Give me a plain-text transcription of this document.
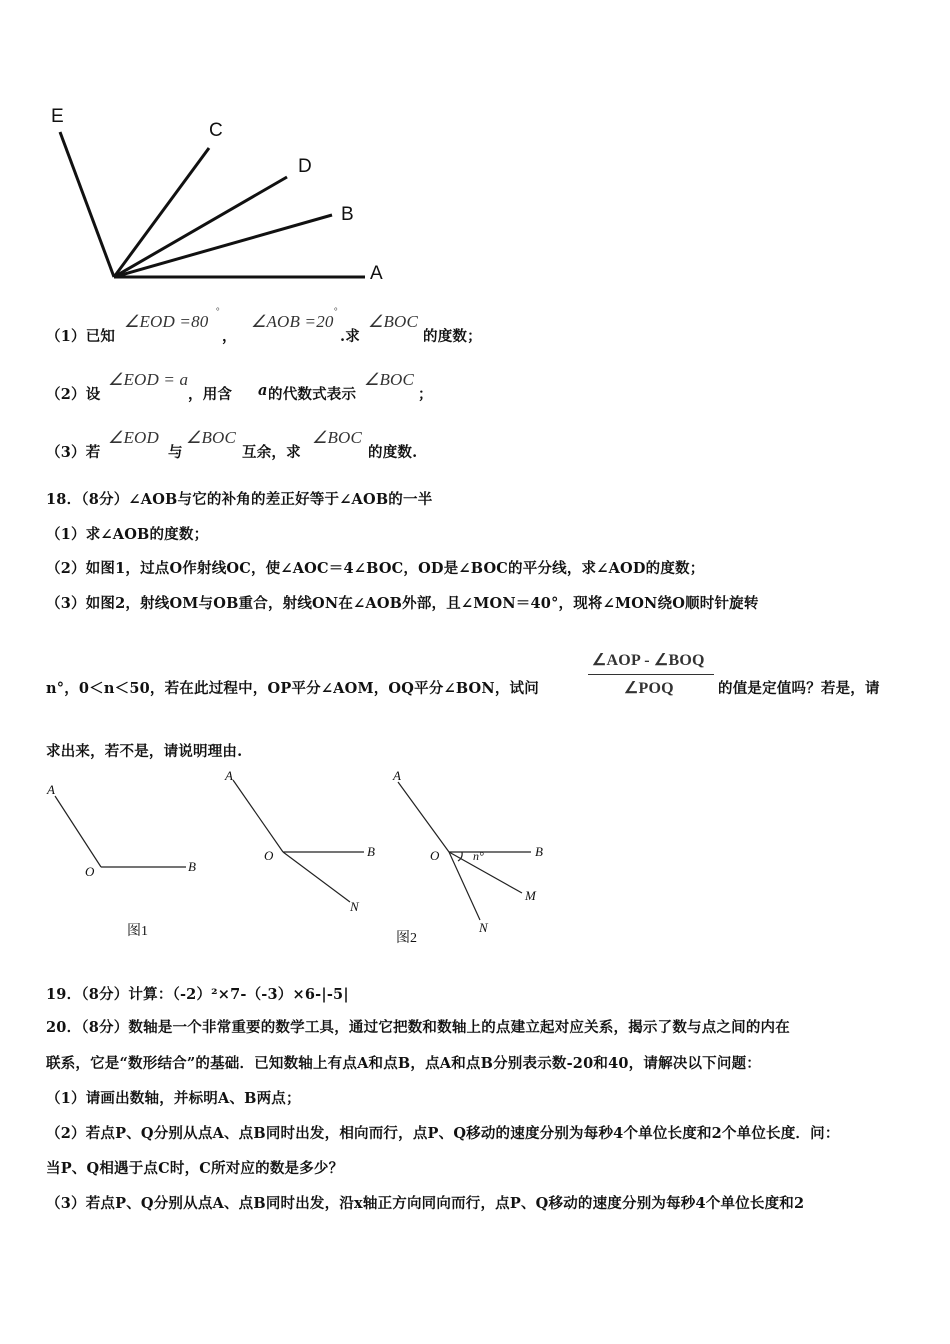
E
C
D
B
A
（1）已知
∠EOD =80
°
，
∠AOB =20
°
.求
∠BOC
的度数；
（2）设
∠EOD = a
，用含 a 的代数式表示
∠BOC
；
（3）若
∠EOD
与
∠BOC
互余，求
∠BOC
的度数.
18．（8分）∠AOB与它的补角的差正好等于∠AOB的一半
（1）求∠AOB的度数；
（2）如图1，过点O作射线OC，使∠AOC＝4∠BOC，OD是∠BOC的平分线，求∠AOD的度数；
（3）如图2，射线OM与OB重合，射线ON在∠AOB外部，且∠MON＝40°，现将∠MON绕O顺时针旋转
n°，0＜n＜50，若在此过程中，OP平分∠AOM，OQ平分∠BON，试问
∠AOP - ∠BOQ
∠POQ	的值是定值吗？若是，请
求出来，若不是，请说明理由.
A
O	B
图1
A
O	B
N
A
O	n°	B
M
N
图2
19．（8分）计算：（-2）²×7-（-3）×6-|-5|
20．（8分）数轴是一个非常重要的数学工具，通过它把数和数轴上的点建立起对应关系，揭示了数与点之间的内在
联系，它是“数形结合”的基础．已知数轴上有点A和点B，点A和点B分别表示数-20和40，请解决以下问题：
（1）请画出数轴，并标明A、B两点；
（2）若点P、Q分别从点A、点B同时出发，相向而行，点P、Q移动的速度分别为每秒4个单位长度和2个单位长度．问：
当P、Q相遇于点C时，C所对应的数是多少？
（3）若点P、Q分别从点A、点B同时出发，沿x轴正方向同向而行，点P、Q移动的速度分别为每秒4个单位长度和2
